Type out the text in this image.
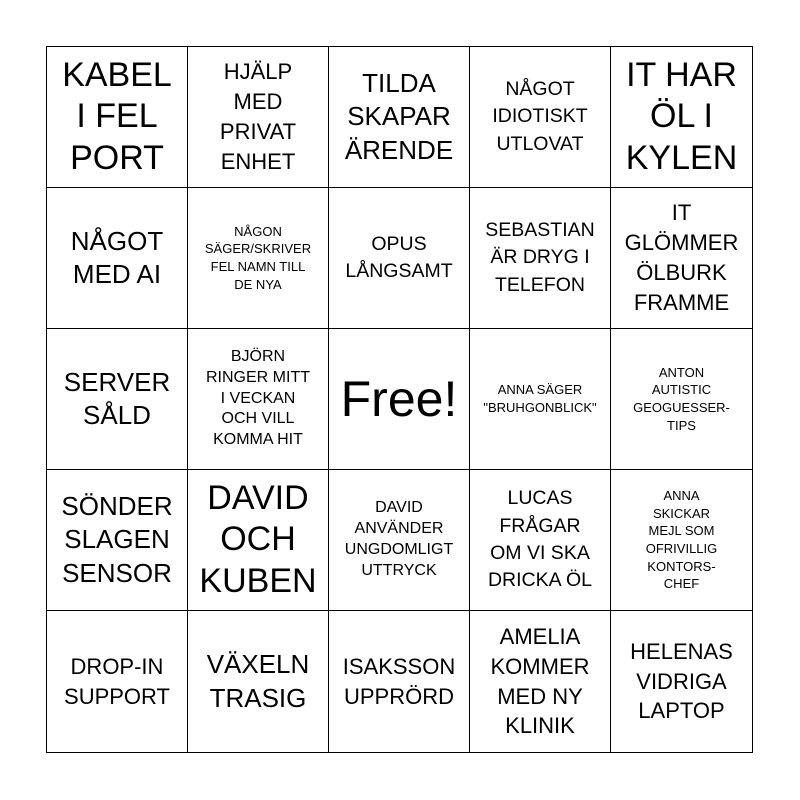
KABEL
I FEL
PORT
HJÄLP
MED
PRIVAT
ENHET
TILDA
SKAPAR
ÄRENDE
NÅGOT
IDIOTISKT
UTLOVAT
IT HAR
ÖL I
KYLEN
NÅGOT
MED AI
NÅGON
SÄGER/SKRIVER
FEL NAMN TILL
DE NYA
OPUS
LÅNGSAMT
SEBASTIAN
ÄR DRYG I
TELEFON
IT
GLÖMMER
ÖLBURK
FRAMME
SERVER
SÅLD
BJÖRN
RINGER MITT
I VECKAN
OCH VILL
KOMMA HIT
Free!	ANNA SÄGER
"BRUHGONBLICK"
ANTON
AUTISTIC
GEOGUESSER-
TIPS
SÖNDER
SLAGEN
SENSOR
DAVID
OCH
KUBEN
DAVID
ANVÄNDER
UNGDOMLIGT
UTTRYCK
LUCAS
FRÅGAR
OM VI SKA
DRICKA ÖL
ANNA
SKICKAR
MEJL SOM
OFRIVILLIG
KONTORS-
CHEF
DROP-IN
SUPPORT
VÄXELN
TRASIG
ISAKSSON
UPPRÖRD
AMELIA
KOMMER
MED NY
KLINIK
HELENAS
VIDRIGA
LAPTOP
